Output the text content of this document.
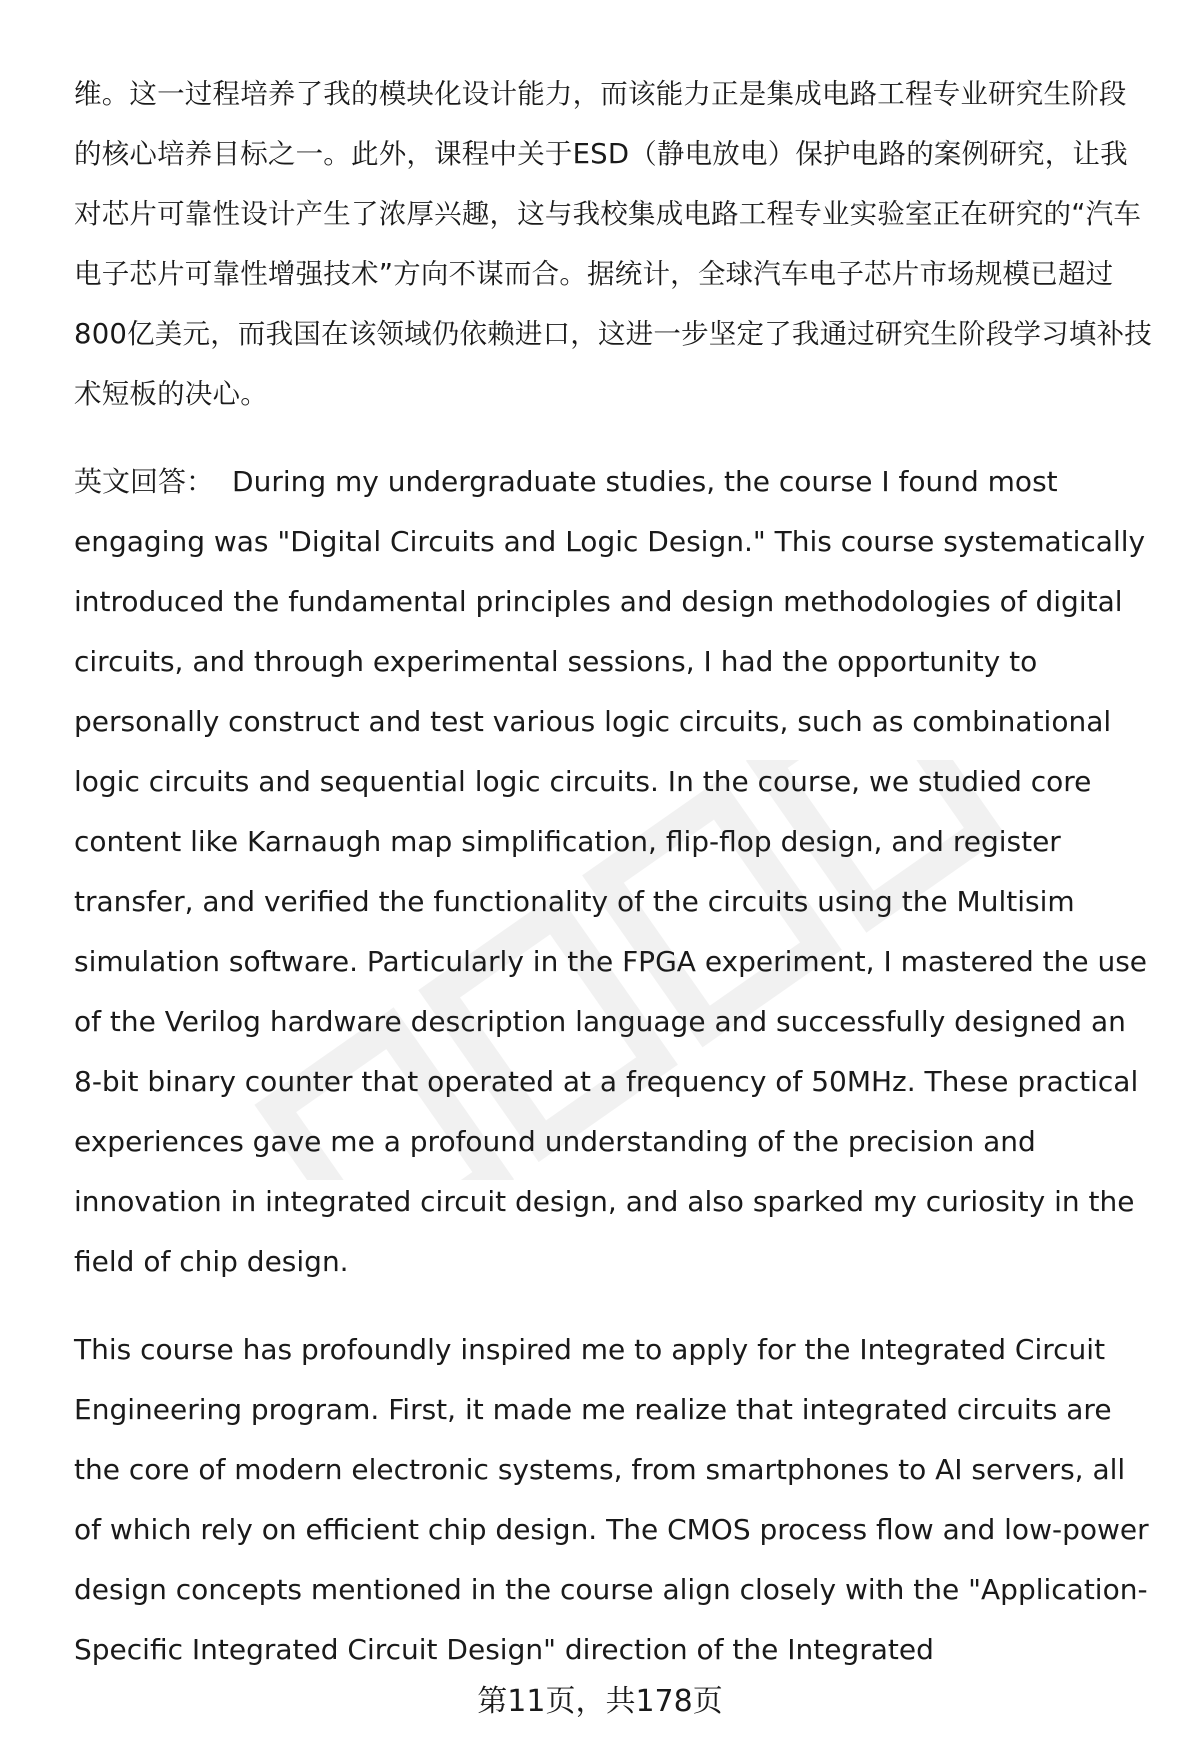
维。这一过程培养了我的模块化设计能力，而该能力正是集成电路工程专业研究生阶段的核心培养目标之一。此外，课程中关于ESD（静电放电）保护电路的案例研究，让我对芯片可靠性设计产生了浓厚兴趣，这与我校集成电路工程专业实验室正在研究的“汽车电子芯片可靠性增强技术”方向不谋而合。据统计，全球汽车电子芯片市场规模已超过800亿美元，而我国在该领域仍依赖进口，这进一步坚定了我通过研究生阶段学习填补技术短板的决心。

英文回答： During my undergraduate studies, the course I found most engaging was "Digital Circuits and Logic Design." This course systematically introduced the fundamental principles and design methodologies of digital circuits, and through experimental sessions, I had the opportunity to personally construct and test various logic circuits, such as combinational logic circuits and sequential logic circuits. In the course, we studied core content like Karnaugh map simplification, flip-flop design, and register transfer, and verified the functionality of the circuits using the Multisim simulation software. Particularly in the FPGA experiment, I mastered the use of the Verilog hardware description language and successfully designed an 8-bit binary counter that operated at a frequency of 50MHz. These practical experiences gave me a profound understanding of the precision and innovation in integrated circuit design, and also sparked my curiosity in the field of chip design.

This course has profoundly inspired me to apply for the Integrated Circuit Engineering program. First, it made me realize that integrated circuits are the core of modern electronic systems, from smartphones to AI servers, all of which rely on efficient chip design. The CMOS process flow and low-power design concepts mentioned in the course align closely with the "Application-Specific Integrated Circuit Design" direction of the Integrated

第11页，共178页
